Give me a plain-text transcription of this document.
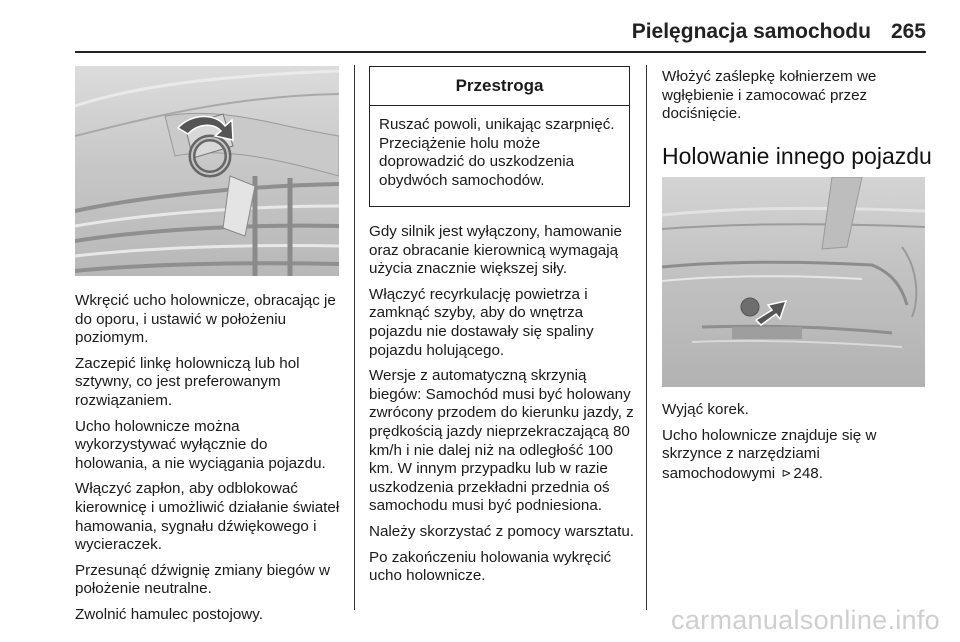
Pielęgnacja samochodu 265

Wkręcić ucho holownicze, obracając je do oporu, i ustawić w położeniu poziomym.

Zaczepić linkę holowniczą lub hol sztywny, co jest preferowanym rozwiązaniem.

Ucho holownicze można wykorzystywać wyłącznie do holowania, a nie wyciągania pojazdu.

Włączyć zapłon, aby odblokować kierownicę i umożliwić działanie świateł hamowania, sygnału dźwiękowego i wycieraczek.

Przesunąć dźwignię zmiany biegów w położenie neutralne.

Zwolnić hamulec postojowy.

Przestroga
Ruszać powoli, unikając szarpnięć. Przeciążenie holu może doprowadzić do uszkodzenia obydwóch samochodów.

Gdy silnik jest wyłączony, hamowanie oraz obracanie kierownicą wymagają użycia znacznie większej siły.

Włączyć recyrkulację powietrza i zamknąć szyby, aby do wnętrza pojazdu nie dostawały się spaliny pojazdu holującego.

Wersje z automatyczną skrzynią biegów: Samochód musi być holowany zwrócony przodem do kierunku jazdy, z prędkością jazdy nieprzekraczającą 80 km/h i nie dalej niż na odległość 100 km. W innym przypadku lub w razie uszkodzenia przekładni przednia oś samochodu musi być podniesiona.

Należy skorzystać z pomocy warsztatu.

Po zakończeniu holowania wykręcić ucho holownicze.

Włożyć zaślepkę kołnierzem we wgłębienie i zamocować przez dociśnięcie.

Holowanie innego pojazdu

Wyjąć korek.

Ucho holownicze znajduje się w skrzynce z narzędziami samochodowymi ⊳ 248.

carmanualsonline.info
